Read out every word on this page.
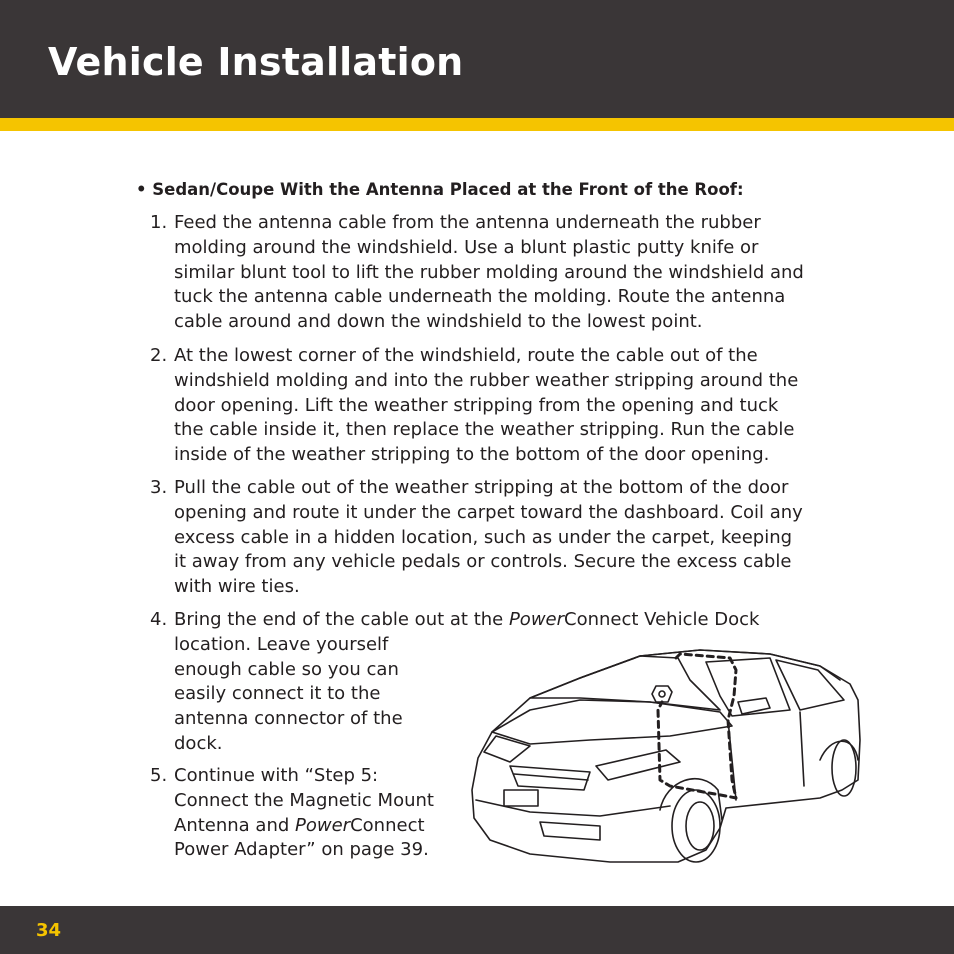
Vehicle Installation
• Sedan/Coupe With the Antenna Placed at the Front of the Roof:
1. Feed the antenna cable from the antenna underneath the rubber
molding around the windshield. Use a blunt plastic putty knife or
similar blunt tool to lift the rubber molding around the windshield and
tuck the antenna cable underneath the molding. Route the antenna
cable around and down the windshield to the lowest point.
2. At the lowest corner of the windshield, route the cable out of the
windshield molding and into the rubber weather stripping around the
door opening. Lift the weather stripping from the opening and tuck
the cable inside it, then replace the weather stripping. Run the cable
inside of the weather stripping to the bottom of the door opening.
3. Pull the cable out of the weather stripping at the bottom of the door
opening and route it under the carpet toward the dashboard. Coil any
excess cable in a hidden location, such as under the carpet, keeping
it away from any vehicle pedals or controls. Secure the excess cable
with wire ties.
4. Bring the end of the cable out at the PowerConnect Vehicle Dock
location. Leave yourself
enough cable so you can
easily connect it to the
antenna connector of the
dock.
5. Continue with “Step 5:
Connect the Magnetic Mount
Antenna and PowerConnect
Power Adapter” on page 39.
34
